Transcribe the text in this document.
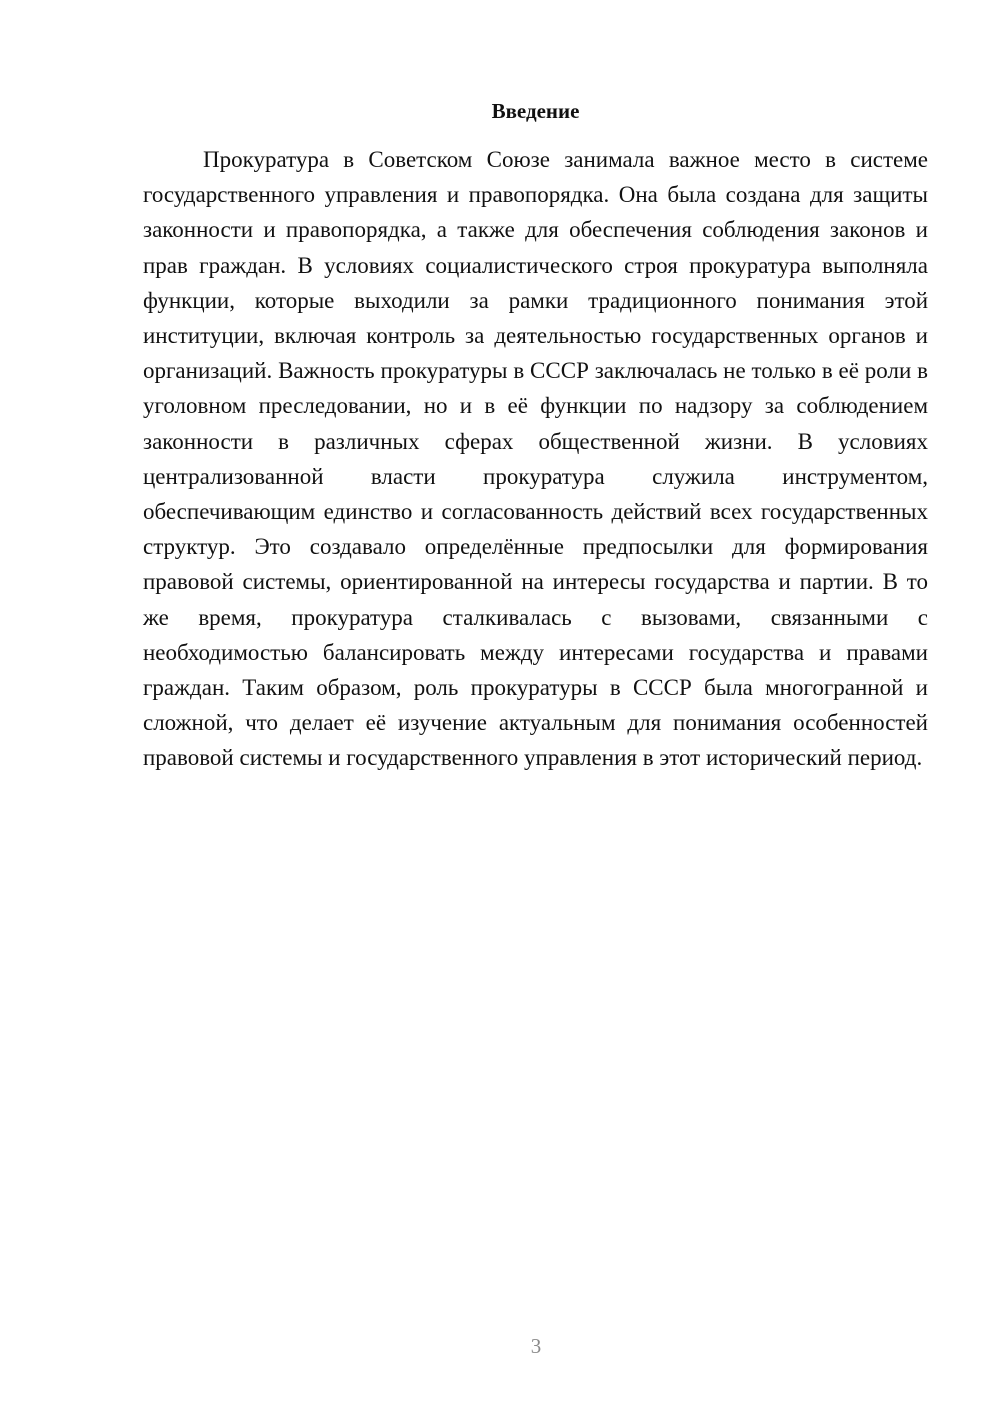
Введение

Прокуратура в Советском Союзе занимала важное место в системе государственного управления и правопорядка. Она была создана для защиты законности и правопорядка, а также для обеспечения соблюдения законов и прав граждан. В условиях социалистического строя прокуратура выполняла функции, которые выходили за рамки традиционного понимания этой институции, включая контроль за деятельностью государственных органов и организаций. Важность прокуратуры в СССР заключалась не только в её роли в уголовном преследовании, но и в её функции по надзору за соблюдением законности в различных сферах общественной жизни. В условиях централизованной власти прокуратура служила инструментом, обеспечивающим единство и согласованность действий всех государственных структур. Это создавало определённые предпосылки для формирования правовой системы, ориентированной на интересы государства и партии. В то же время, прокуратура сталкивалась с вызовами, связанными с необходимостью балансировать между интересами государства и правами граждан. Таким образом, роль прокуратуры в СССР была многогранной и сложной, что делает её изучение актуальным для понимания особенностей правовой системы и государственного управления в этот исторический период.

3
